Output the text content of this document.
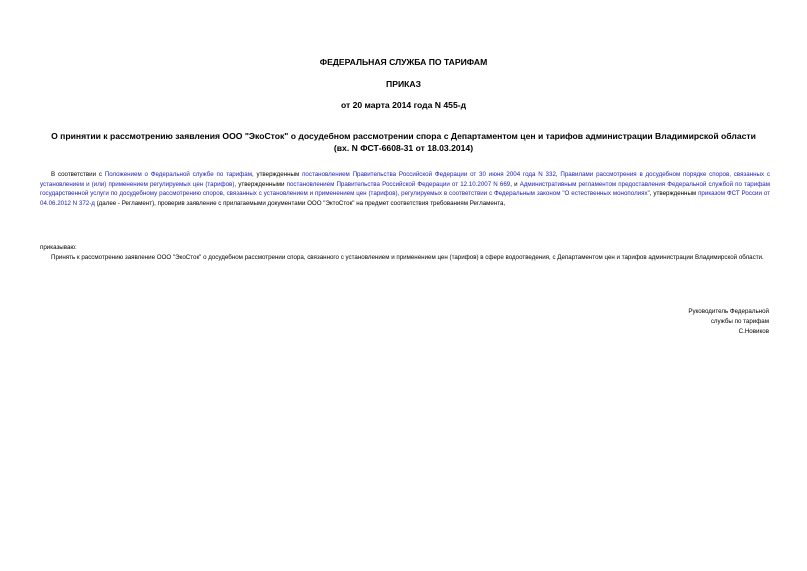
ФЕДЕРАЛЬНАЯ СЛУЖБА ПО ТАРИФАМ
ПРИКАЗ
от 20 марта 2014 года N 455-д
О принятии к рассмотрению заявления ООО "ЭкоСток" о досудебном рассмотрении спора с Департаментом цен и тарифов администрации Владимирской области
(вх. N ФСТ-6608-31 от 18.03.2014)
В соответствии с Положением о Федеральной службе по тарифам, утвержденным постановлением Правительства Российской Федерации от 30 июня 2004 года N 332, Правилами рассмотрения в досудебном порядке споров, связанных с установлением и (или) применением регулируемых цен (тарифов), утвержденными постановлением Правительства Российской Федерации от 12.10.2007 N 669, и Административным регламентом предоставления Федеральной службой по тарифам государственной услуги по досудебному рассмотрению споров, связанных с установлением и применением цен (тарифов), регулируемых в соответствии с Федеральным законом "О естественных монополиях", утвержденным приказом ФСТ России от 04.06.2012 N 372-д (далее - Регламент), проверив заявление с прилагаемыми документами ООО "ЭктоСток" на предмет соответствия требованиям Регламента,
приказываю:
Принять к рассмотрению заявление ООО "ЭкоСток" о досудебном рассмотрении спора, связанного с установлением и применением цен (тарифов) в сфере водоотведения, с Департаментом цен и тарифов администрации Владимирской области.
Руководитель Федеральной
службы по тарифам
С.Новиков
